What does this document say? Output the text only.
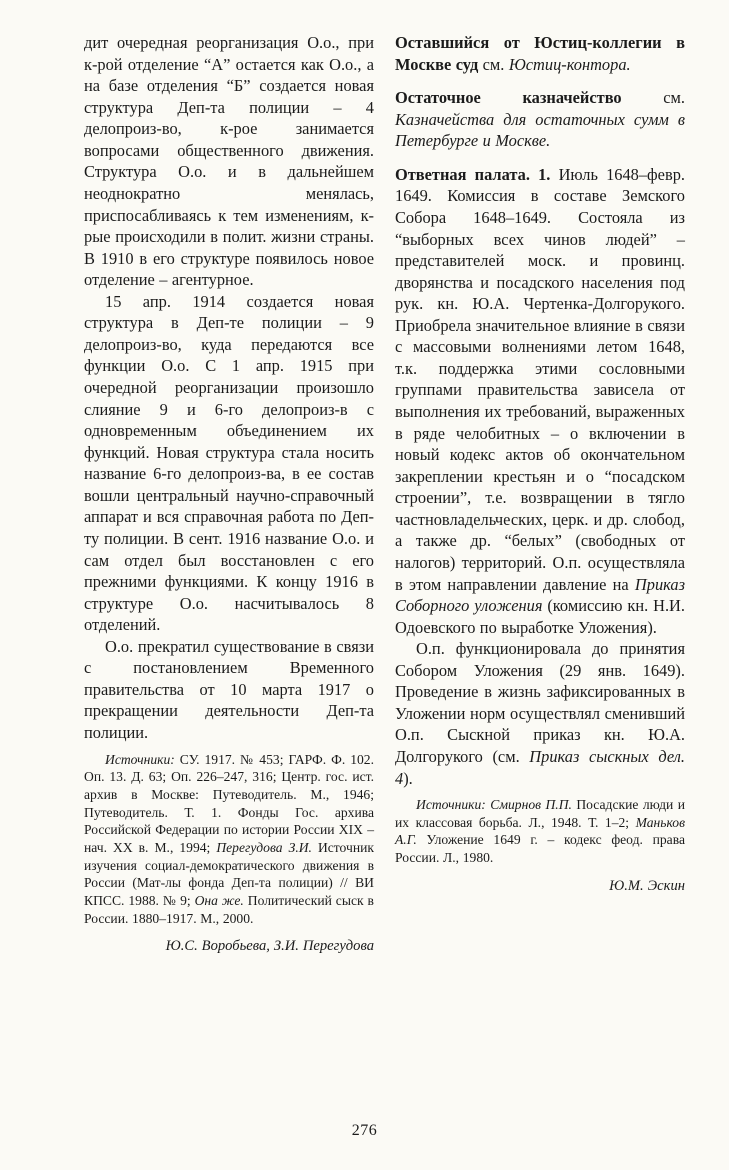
дит очередная реорганизация О.о., при к-рой отделение “А” остается как О.о., а на базе отделения “Б” создается новая структура Деп-та полиции – 4 делопроиз-во, к-рое занимается вопросами общественного движения. Структура О.о. и в дальнейшем неоднократно менялась, приспосабливаясь к тем изменениям, к-рые происходили в полит. жизни страны. В 1910 в его структуре появилось новое отделение – агентурное.

15 апр. 1914 создается новая структура в Деп-те полиции – 9 делопроиз-во, куда передаются все функции О.о. С 1 апр. 1915 при очередной реорганизации произошло слияние 9 и 6-го делопроиз-в с одновременным объединением их функций. Новая структура стала носить название 6-го делопроиз-ва, в ее состав вошли центральный научно-справочный аппарат и вся справочная работа по Деп-ту полиции. В сент. 1916 название О.о. и сам отдел был восстановлен с его прежними функциями. К концу 1916 в структуре О.о. насчитывалось 8 отделений.

О.о. прекратил существование в связи с постановлением Временного правительства от 10 марта 1917 о прекращении деятельности Деп-та полиции.

Источники: СУ. 1917. № 453; ГАРФ. Ф. 102. Оп. 13. Д. 63; Оп. 226–247, 316; Центр. гос. ист. архив в Москве: Путеводитель. М., 1946; Путеводитель. Т. 1. Фонды Гос. архива Российской Федерации по истории России XIX – нач. XX в. М., 1994; Перегудова З.И. Источник изучения социал-демократического движения в России (Мат-лы фонда Деп-та полиции) // ВИ КПСС. 1988. № 9; Она же. Политический сыск в России. 1880–1917. М., 2000.

Ю.С. Воробьева, З.И. Перегудова

Оставшийся от Юстиц-коллегии в Москве суд см. Юстиц-контора.

Остаточное казначейство см. Казначейства для остаточных сумм в Петербурге и Москве.

Ответная палата. 1. Июль 1648–февр. 1649. Комиссия в составе Земского Собора 1648–1649. Состояла из “выборных всех чинов людей” – представителей моск. и провинц. дворянства и посадского населения под рук. кн. Ю.А. Чертенка-Долгорукого. Приобрела значительное влияние в связи с массовыми волнениями летом 1648, т.к. поддержка этими сословными группами правительства зависела от выполнения их требований, выраженных в ряде челобитных – о включении в новый кодекс актов об окончательном закреплении крестьян и о “посадском строении”, т.е. возвращении в тягло частновладельческих, церк. и др. слобод, а также др. “белых” (свободных от налогов) территорий. О.п. осуществляла в этом направлении давление на Приказ Соборного уложения (комиссию кн. Н.И. Одоевского по выработке Уложения).

О.п. функционировала до принятия Собором Уложения (29 янв. 1649). Проведение в жизнь зафиксированных в Уложении норм осуществлял сменивший О.п. Сыскной приказ кн. Ю.А. Долгорукого (см. Приказ сыскных дел. 4).

Источники: Смирнов П.П. Посадские люди и их классовая борьба. Л., 1948. Т. 1–2; Маньков А.Г. Уложение 1649 г. – кодекс феод. права России. Л., 1980.

Ю.М. Эскин

276
